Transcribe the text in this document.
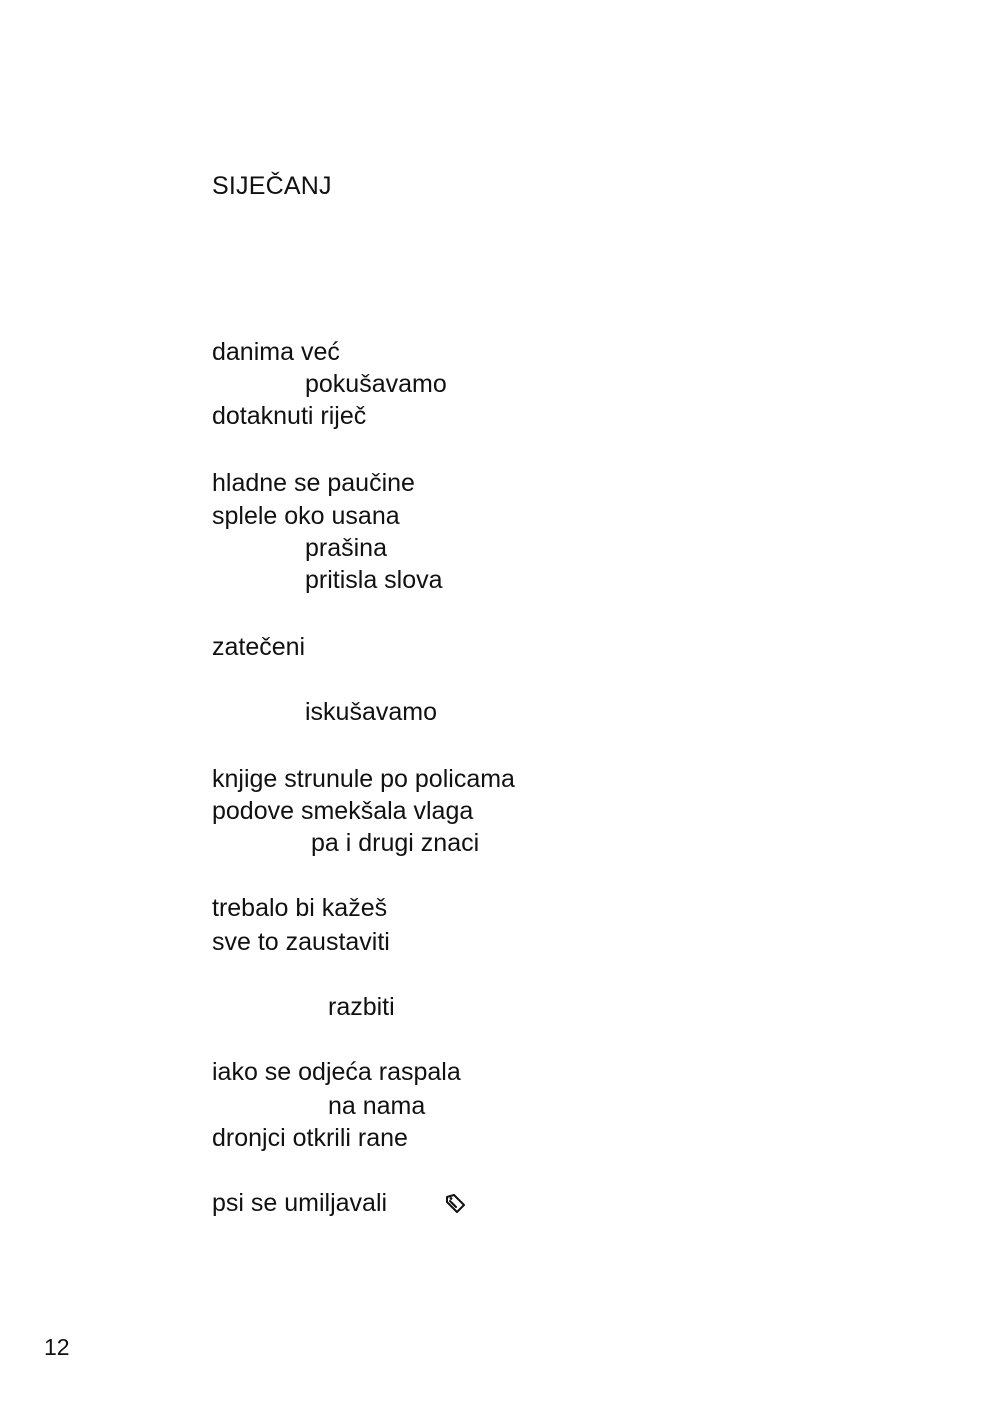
SIJEČANJ
danima već
pokušavamo
dotaknuti riječ
hladne se paučine
splele oko usana
prašina
pritisla slova
zatečeni
iskušavamo
knjige strunule po policama
podove smekšala vlaga
pa i drugi znaci
trebalo bi kažeš
sve to zaustaviti
razbiti
iako se odjeća raspala
na nama
dronjci otkrili rane
psi se umiljavali
12
